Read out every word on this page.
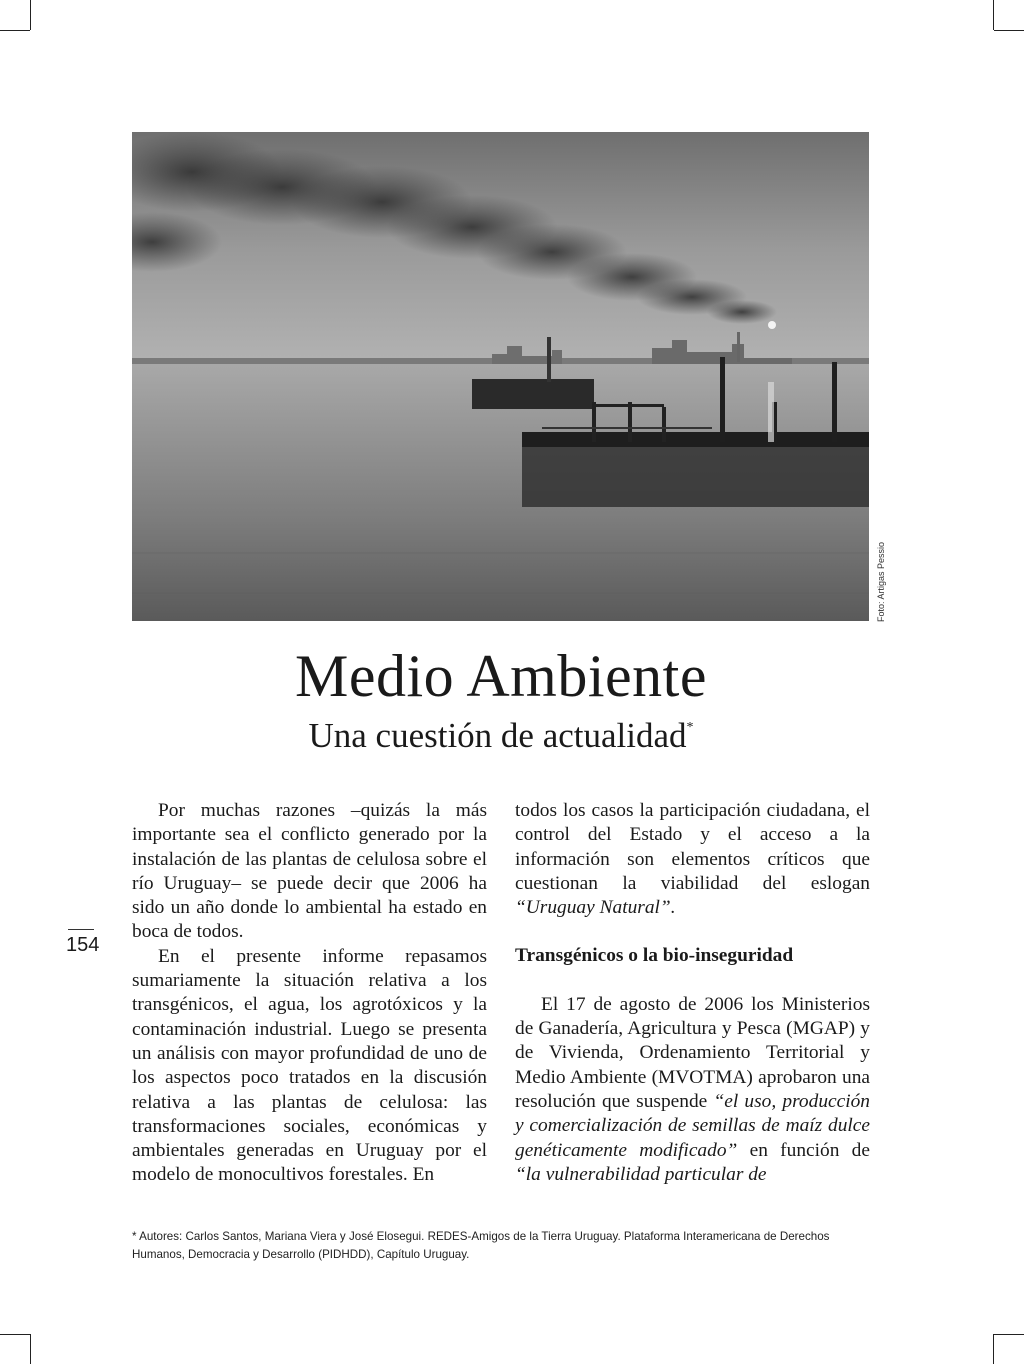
Foto: Artigas Pessio
Medio Ambiente
Una cuestión de actualidad*

Por muchas razones –quizás la más importante sea el conflicto generado por la instalación de las plantas de celulosa sobre el río Uruguay– se puede decir que 2006 ha sido un año donde lo ambiental ha estado en boca de todos.

En el presente informe repasamos sumariamente la situación relativa a los transgénicos, el agua, los agrotóxicos y la contaminación industrial. Luego se presenta un análisis con mayor profundidad de uno de los aspectos poco tratados en la discusión relativa a las plantas de celulosa: las transformaciones sociales, económicas y ambientales generadas en Uruguay por el modelo de monocultivos forestales. En

todos los casos la participación ciudadana, el control del Estado y el acceso a la información son elementos críticos que cuestionan la viabilidad del eslogan “Uruguay Natural”.

Transgénicos o la bio-inseguridad

El 17 de agosto de 2006 los Ministerios de Ganadería, Agricultura y Pesca (MGAP) y de Vivienda, Ordenamiento Territorial y Medio Ambiente (MVOTMA) aprobaron una resolución que suspende “el uso, producción y comercialización de semillas de maíz dulce genéticamente modificado” en función de “la vulnerabilidad particular de

154
* Autores: Carlos Santos, Mariana Viera y José Elosegui. REDES-Amigos de la Tierra Uruguay. Plataforma Interamericana de Derechos Humanos, Democracia y Desarrollo (PIDHDD), Capítulo Uruguay.
